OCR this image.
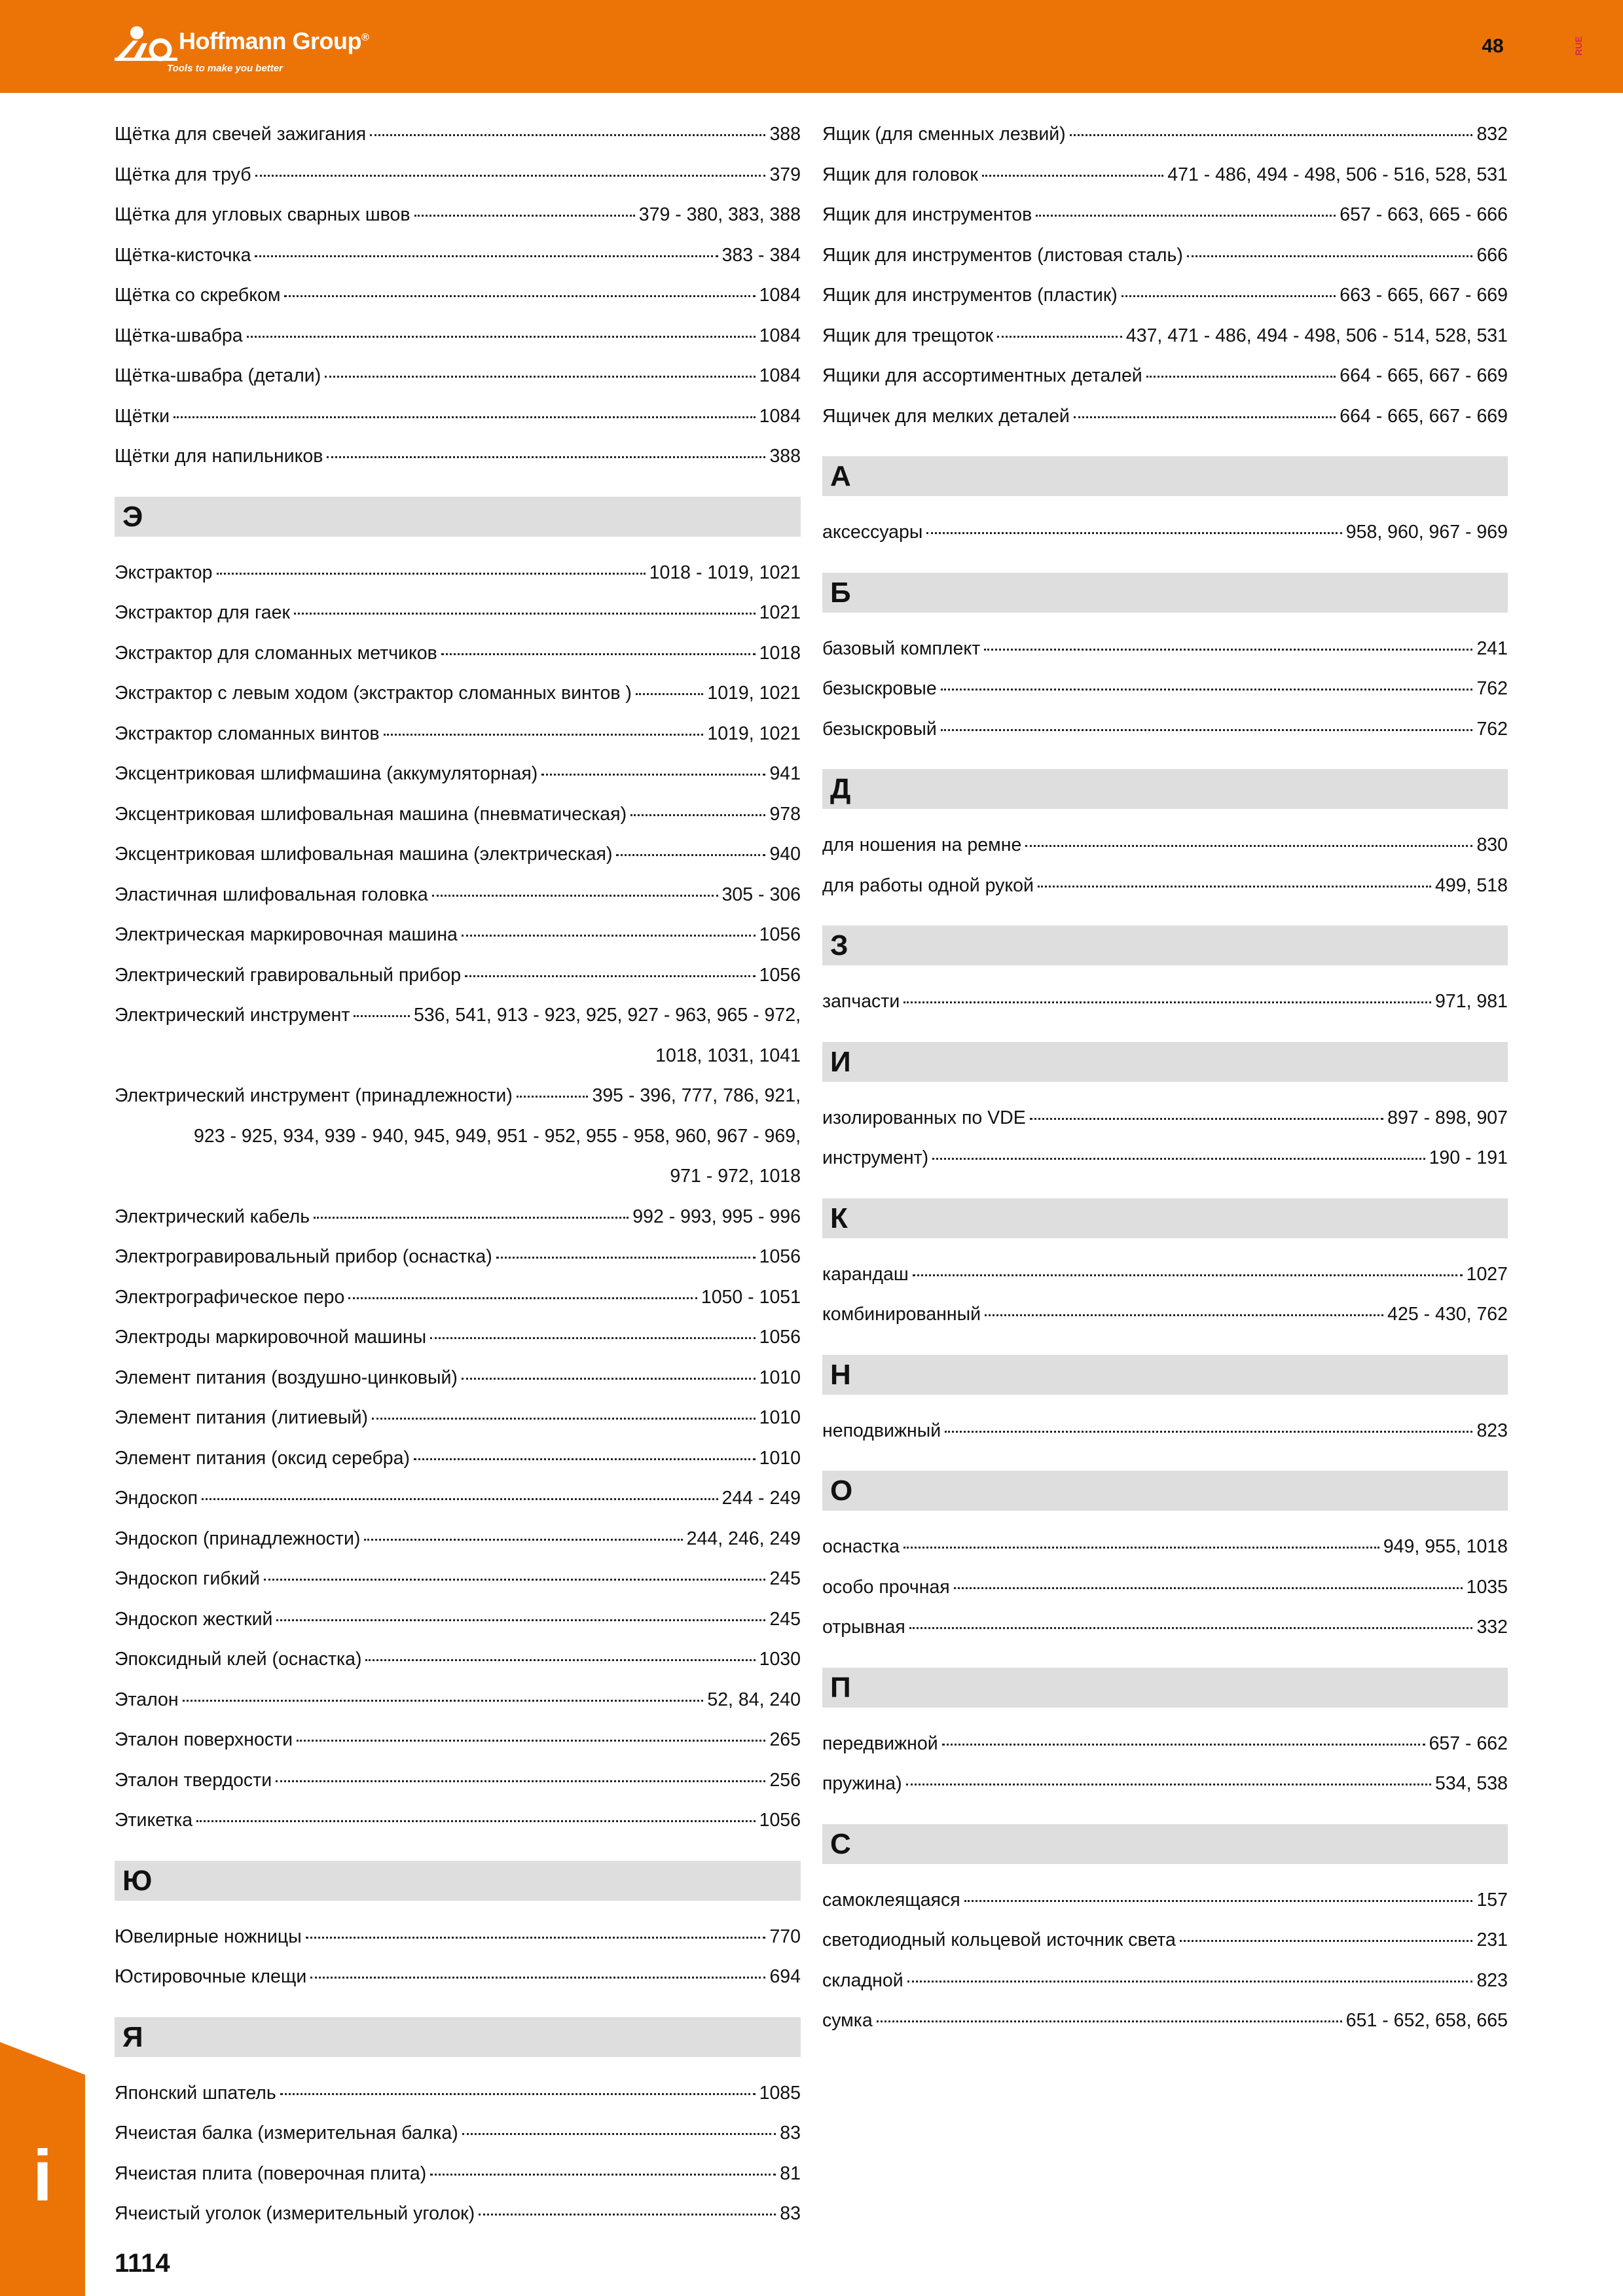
Hoffmann Group®
Tools to make you better
48	RUE
Щётка для свечей зажигания	388
Щётка для труб	379
Щётка для угловых сварных швов	379 - 380, 383, 388
Щётка-кисточка	383 - 384
Щётка со скребком	1084
Щётка-швабра	1084
Щётка-швабра (детали)	1084
Щётки	1084
Щётки для напильников	388
Э
Экстрактор	1018 - 1019, 1021
Экстрактор для гаек	1021
Экстрактор для сломанных метчиков	1018
Экстрактор с левым ходом (экстрактор сломанных винтов )	1019, 1021
Экстрактор сломанных винтов	1019, 1021
Эксцентриковая шлифмашина (аккумуляторная)	941
Эксцентриковая шлифовальная машина (пневматическая)	978
Эксцентриковая шлифовальная машина (электрическая)	940
Эластичная шлифовальная головка	305 - 306
Электрическая маркировочная машина	1056
Электрический гравировальный прибор	1056
Электрический инструмент	536, 541, 913 - 923, 925, 927 - 963, 965 - 972,
1018, 1031, 1041
Электрический инструмент (принадлежности)	395 - 396, 777, 786, 921,
923 - 925, 934, 939 - 940, 945, 949, 951 - 952, 955 - 958, 960, 967 - 969,
971 - 972, 1018
Электрический кабель	992 - 993, 995 - 996
Электрогравировальный прибор (оснастка)	1056
Электрографическое перо	1050 - 1051
Электроды маркировочной машины	1056
Элемент питания (воздушно-цинковый)	1010
Элемент питания (литиевый)	1010
Элемент питания (оксид серебра)	1010
Эндоскоп	244 - 249
Эндоскоп (принадлежности)	244, 246, 249
Эндоскоп гибкий	245
Эндоскоп жесткий	245
Эпоксидный клей (оснастка)	1030
Эталон	52, 84, 240
Эталон поверхности	265
Эталон твердости	256
Этикетка	1056
Ю
Ювелирные ножницы	770
Юстировочные клещи	694
Я
Японский шпатель	1085
Ячеистая балка (измерительная балка)	83
Ячеистая плита (поверочная плита)	81
Ячеистый уголок (измерительный уголок)	83
Ящик (для сменных лезвий)	832
Ящик для головок	471 - 486, 494 - 498, 506 - 516, 528, 531
Ящик для инструментов	657 - 663, 665 - 666
Ящик для инструментов (листовая сталь)	666
Ящик для инструментов (пластик)	663 - 665, 667 - 669
Ящик для трещоток	437, 471 - 486, 494 - 498, 506 - 514, 528, 531
Ящики для ассортиментных деталей	664 - 665, 667 - 669
Ящичек для мелких деталей	664 - 665, 667 - 669
А
аксессуары	958, 960, 967 - 969
Б
базовый комплект	241
безыскровые	762
безыскровый	762
Д
для ношения на ремне	830
для работы одной рукой	499, 518
З
запчасти	971, 981
И
изолированных по VDE	897 - 898, 907
инструмент)	190 - 191
К
карандаш	1027
комбинированный	425 - 430, 762
Н
неподвижный	823
О
оснастка	949, 955, 1018
особо прочная	1035
отрывная	332
П
передвижной	657 - 662
пружина)	534, 538
С
самоклеящаяся	157
светодиодный кольцевой источник света	231
складной	823
сумка	651 - 652, 658, 665
i
1114
